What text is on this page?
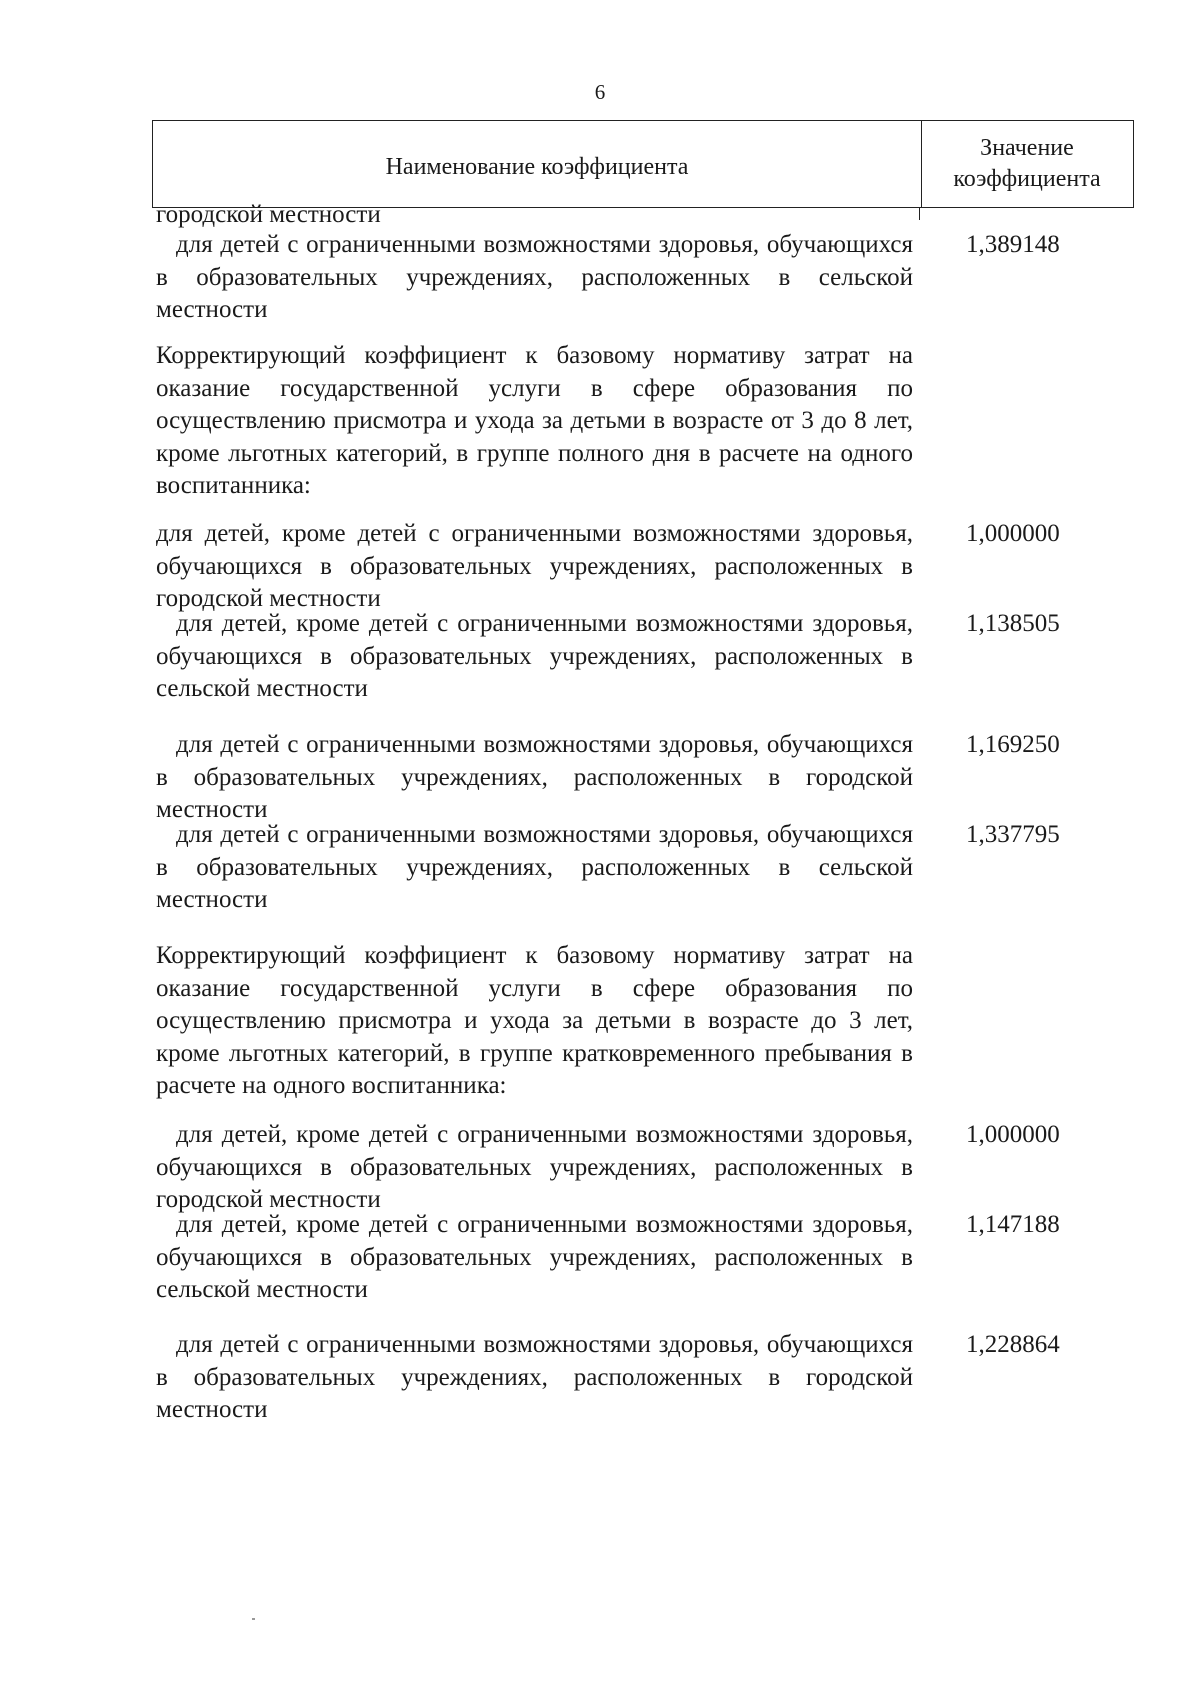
6
Наименование коэффициента
Значение
коэффициента
городской местности
для детей с ограниченными возможностями здоровья, обучающихся в образовательных учреждениях, расположенных в сельской местности
1,389148
Корректирующий коэффициент к базовому нормативу затрат на оказание государственной услуги в сфере образования по осуществлению присмотра и ухода за детьми в возрасте от 3 до 8 лет, кроме льготных категорий, в группе полного дня в расчете на одного воспитанника:
для детей, кроме детей с ограниченными возможностями здоровья, обучающихся в образовательных учреждениях, расположенных в городской местности
1,000000
для детей, кроме детей с ограниченными возможностями здоровья, обучающихся в образовательных учреждениях, расположенных в сельской местности
1,138505
для детей с ограниченными возможностями здоровья, обучающихся в образовательных учреждениях, расположенных в городской местности
1,169250
для детей с ограниченными возможностями здоровья, обучающихся в образовательных учреждениях, расположенных в сельской местности
1,337795
Корректирующий коэффициент к базовому нормативу затрат на оказание государственной услуги в сфере образования по осуществлению присмотра и ухода за детьми в возрасте до 3 лет, кроме льготных категорий, в группе кратковременного пребывания в расчете на одного воспитанника:
для детей, кроме детей с ограниченными возможностями здоровья, обучающихся в образовательных учреждениях, расположенных в городской местности
1,000000
для детей, кроме детей с ограниченными возможностями здоровья, обучающихся в образовательных учреждениях, расположенных в сельской местности
1,147188
для детей с ограниченными возможностями здоровья, обучающихся в образовательных учреждениях, расположенных в городской местности
1,228864
